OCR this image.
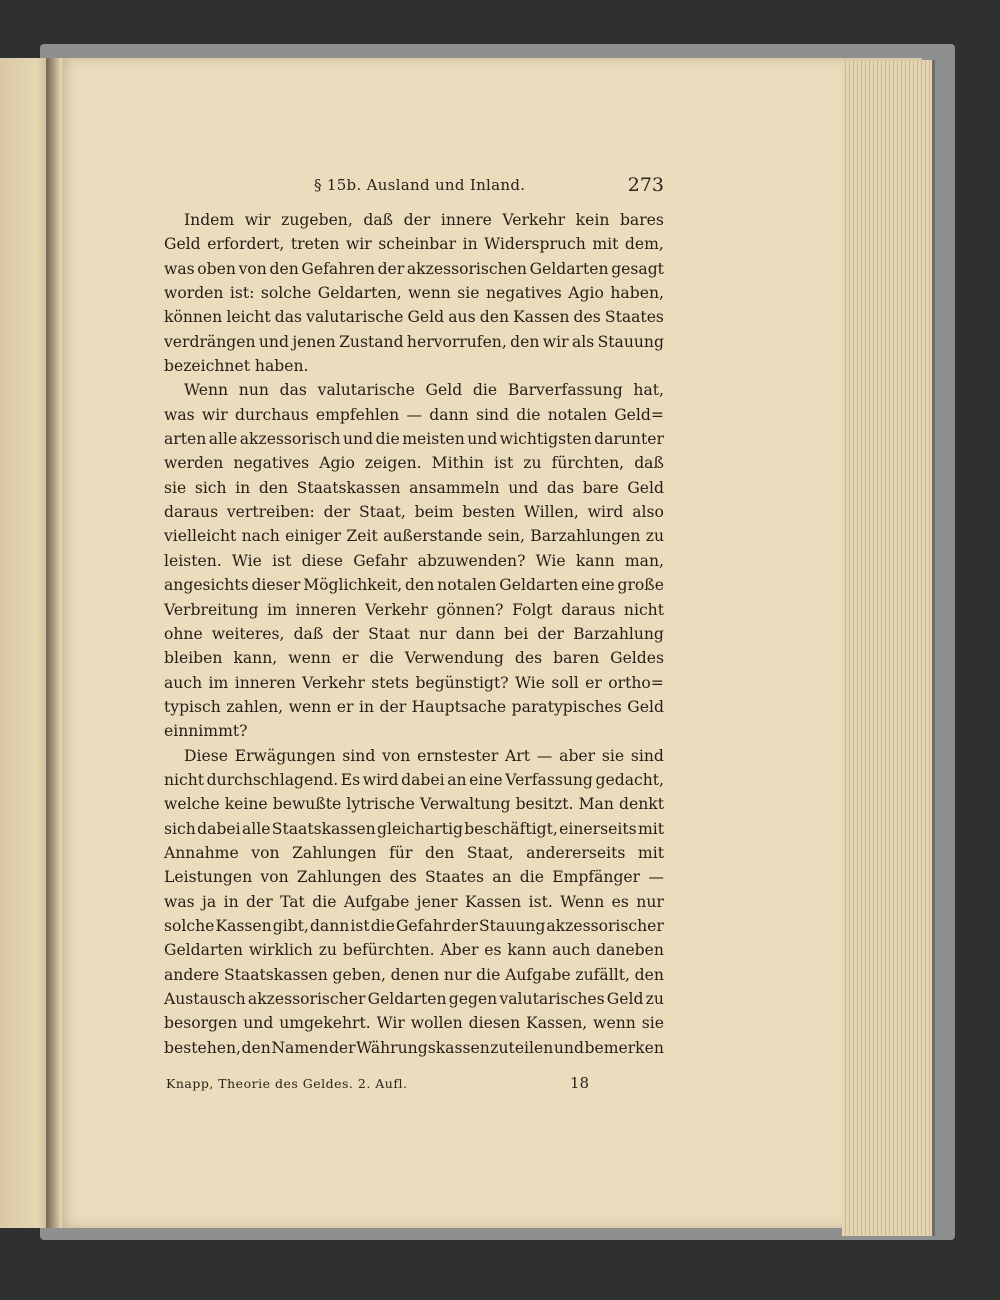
§ 15b. Ausland und Inland.	273
Indem wir zugeben, daß der innere Verkehr kein bares
Geld erfordert, treten wir scheinbar in Widerspruch mit dem,
was oben von den Gefahren der akzessorischen Geldarten gesagt
worden ist: solche Geldarten, wenn sie negatives Agio haben,
können leicht das valutarische Geld aus den Kassen des Staates
verdrängen und jenen Zustand hervorrufen, den wir als Stauung
bezeichnet haben.
Wenn nun das valutarische Geld die Barverfassung hat,
was wir durchaus empfehlen — dann sind die notalen Geld=
arten alle akzessorisch und die meisten und wichtigsten darunter
werden negatives Agio zeigen. Mithin ist zu fürchten, daß
sie sich in den Staatskassen ansammeln und das bare Geld
daraus vertreiben: der Staat, beim besten Willen, wird also
vielleicht nach einiger Zeit außerstande sein, Barzahlungen zu
leisten. Wie ist diese Gefahr abzuwenden? Wie kann man,
angesichts dieser Möglichkeit, den notalen Geldarten eine große
Verbreitung im inneren Verkehr gönnen? Folgt daraus nicht
ohne weiteres, daß der Staat nur dann bei der Barzahlung
bleiben kann, wenn er die Verwendung des baren Geldes
auch im inneren Verkehr stets begünstigt? Wie soll er ortho=
typisch zahlen, wenn er in der Hauptsache paratypisches Geld
einnimmt?
Diese Erwägungen sind von ernstester Art — aber sie sind
nicht durchschlagend. Es wird dabei an eine Verfassung gedacht,
welche keine bewußte lytrische Verwaltung besitzt. Man denkt
sich dabei alle Staatskassen gleichartig beschäftigt, einerseits mit
Annahme von Zahlungen für den Staat, andererseits mit
Leistungen von Zahlungen des Staates an die Empfänger —
was ja in der Tat die Aufgabe jener Kassen ist. Wenn es nur
solche Kassen gibt, dann ist die Gefahr der Stauung akzessorischer
Geldarten wirklich zu befürchten. Aber es kann auch daneben
andere Staatskassen geben, denen nur die Aufgabe zufällt, den
Austausch akzessorischer Geldarten gegen valutarisches Geld zu
besorgen und umgekehrt. Wir wollen diesen Kassen, wenn sie
bestehen, den Namen der Währungskassen zuteilen und bemerken
Knapp, Theorie des Geldes. 2. Aufl.	18
